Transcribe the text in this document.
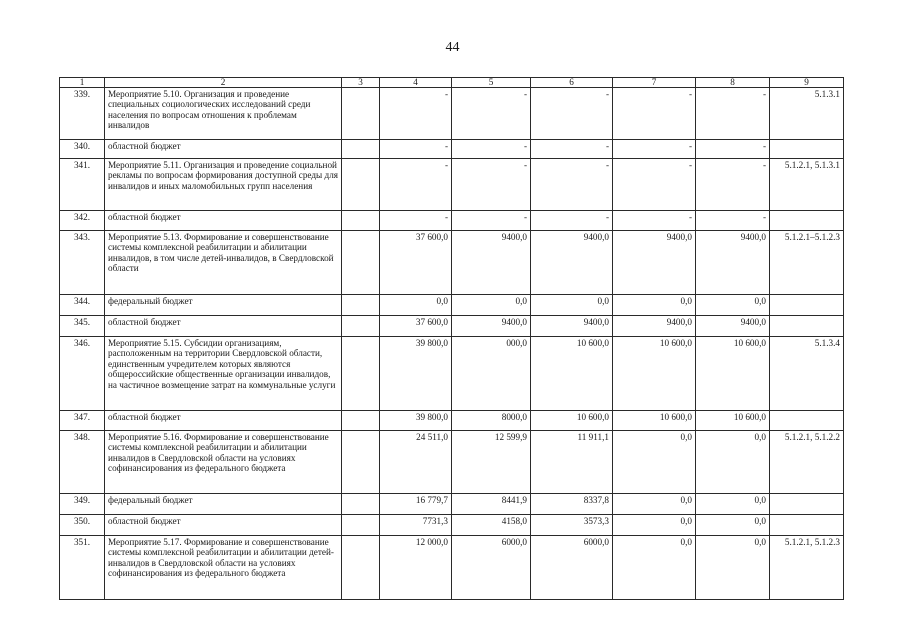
44
1	2	3	4	5	6	7	8	9
339.	Мероприятие 5.10. Организация и проведение специальных социологических исследований среди населения по вопросам отношения к проблемам инвалидов		-	-	-	-	-	5.1.3.1
340.	областной бюджет		-	-	-	-	-	
341.	Мероприятие 5.11. Организация и проведение социальной рекламы по вопросам формирования доступной среды для инвалидов и иных маломобильных групп населения		-	-	-	-	-	5.1.2.1, 5.1.3.1
342.	областной бюджет		-	-	-	-	-	
343.	Мероприятие 5.13. Формирование и совершенствование системы комплексной реабилитации и абилитации инвалидов, в том числе детей-инвалидов, в Свердловской области		37 600,0	9400,0	9400,0	9400,0	9400,0	5.1.2.1–5.1.2.3
344.	федеральный бюджет		0,0	0,0	0,0	0,0	0,0	
345.	областной бюджет		37 600,0	9400,0	9400,0	9400,0	9400,0	
346.	Мероприятие 5.15. Субсидии организациям, расположенным на территории Свердловской области, единственным учредителем которых являются общероссийские общественные организации инвалидов, на частичное возмещение затрат на коммунальные услуги		39 800,0	000,0	10 600,0	10 600,0	10 600,0	5.1.3.4
347.	областной бюджет		39 800,0	8000,0	10 600,0	10 600,0	10 600,0	
348.	Мероприятие 5.16. Формирование и совершенствование системы комплексной реабилитации и абилитации инвалидов в Свердловской области на условиях софинансирования из федерального бюджета		24 511,0	12 599,9	11 911,1	0,0	0,0	5.1.2.1, 5.1.2.2
349.	федеральный бюджет		16 779,7	8441,9	8337,8	0,0	0,0	
350.	областной бюджет		7731,3	4158,0	3573,3	0,0	0,0	
351.	Мероприятие 5.17. Формирование и совершенствование системы комплексной реабилитации и абилитации детей-инвалидов в Свердловской области на условиях софинансирования из федерального бюджета		12 000,0	6000,0	6000,0	0,0	0,0	5.1.2.1, 5.1.2.3
